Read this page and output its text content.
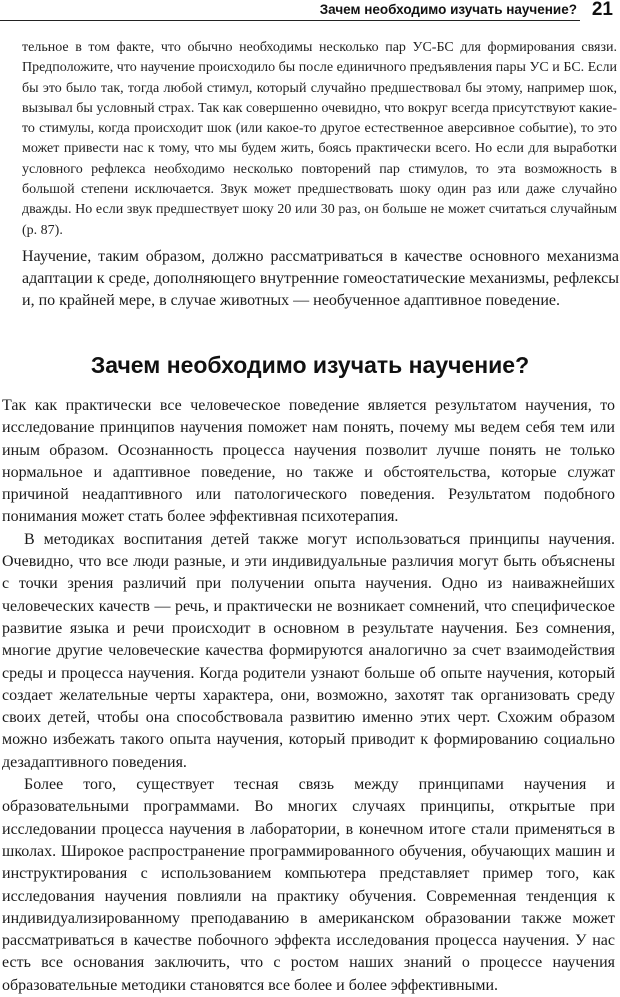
Зачем необходимо изучать научение? 21

тельное в том факте, что обычно необходимы несколько пар УС-БС для формирования связи. Предположите, что научение происходило бы после единичного предъявления пары УС и БС. Если бы это было так, тогда любой стимул, который случайно предшествовал бы этому, например шок, вызывал бы условный страх. Так как совершенно очевидно, что вокруг всегда присутствуют какие-то стимулы, когда происходит шок (или какое-то другое естественное аверсивное событие), то это может привести нас к тому, что мы будем жить, боясь практически всего. Но если для выработки условного рефлекса необходимо несколько повторений пар стимулов, то эта возможность в большой степени исключается. Звук может предшествовать шоку один раз или даже случайно дважды. Но если звук предшествует шоку 20 или 30 раз, он больше не может считаться случайным (р. 87).

Научение, таким образом, должно рассматриваться в качестве основного механизма адаптации к среде, дополняющего внутренние гомеостатические механизмы, рефлексы и, по крайней мере, в случае животных — необученное адаптивное поведение.

Зачем необходимо изучать научение?

Так как практически все человеческое поведение является результатом научения, то исследование принципов научения поможет нам понять, почему мы ведем себя тем или иным образом. Осознанность процесса научения позволит лучше понять не только нормальное и адаптивное поведение, но также и обстоятельства, которые служат причиной неадаптивного или патологического поведения. Результатом подобного понимания может стать более эффективная психотерапия.

В методиках воспитания детей также могут использоваться принципы научения. Очевидно, что все люди разные, и эти индивидуальные различия могут быть объяснены с точки зрения различий при получении опыта научения. Одно из наиважнейших человеческих качеств — речь, и практически не возникает сомнений, что специфическое развитие языка и речи происходит в основном в результате научения. Без сомнения, многие другие человеческие качества формируются аналогично за счет взаимодействия среды и процесса научения. Когда родители узнают больше об опыте научения, который создает желательные черты характера, они, возможно, захотят так организовать среду своих детей, чтобы она способствовала развитию именно этих черт. Схожим образом можно избежать такого опыта научения, который приводит к формированию социально дезадаптивного поведения.

Более того, существует тесная связь между принципами научения и образовательными программами. Во многих случаях принципы, открытые при исследовании процесса научения в лаборатории, в конечном итоге стали применяться в школах. Широкое распространение программированного обучения, обучающих машин и инструктирования с использованием компьютера представляет пример того, как исследования научения повлияли на практику обучения. Современная тенденция к индивидуализированному преподаванию в американском образовании также может рассматриваться в качестве побочного эффекта исследования процесса научения. У нас есть все основания заключить, что с ростом наших знаний о процессе научения образовательные методики становятся все более и более эффективными.
